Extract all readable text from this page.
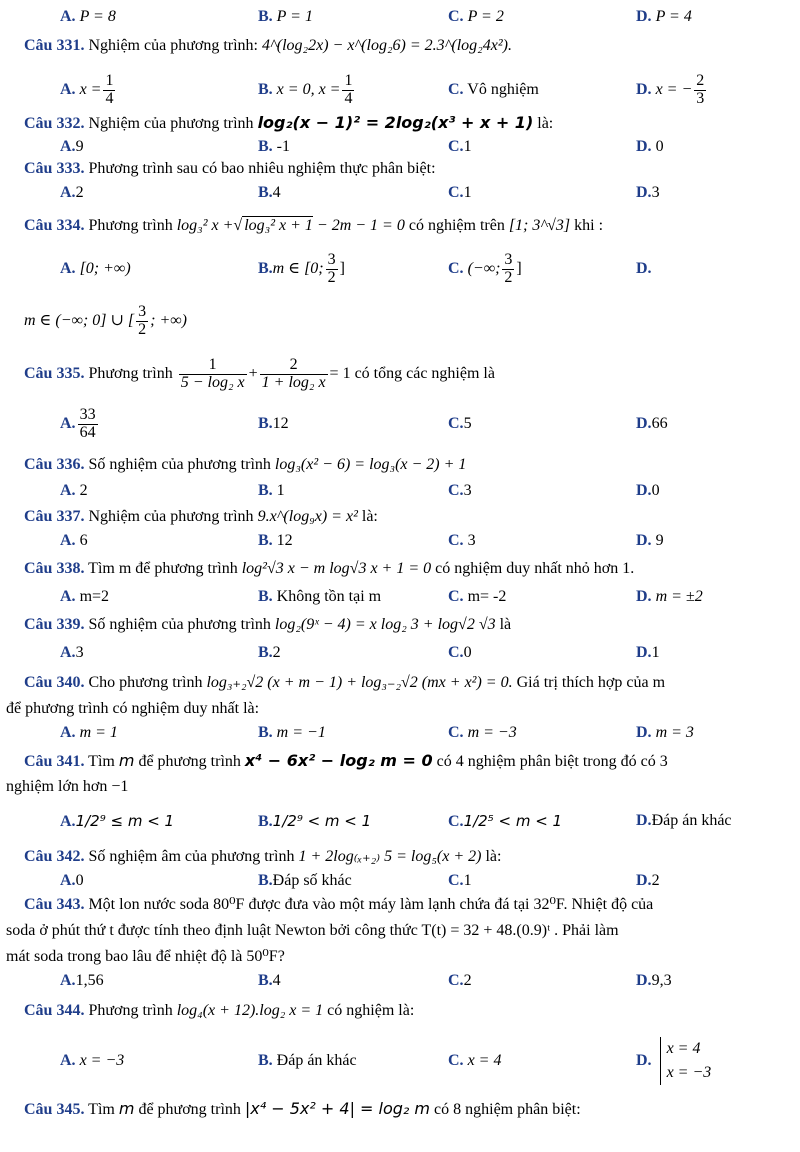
A. P = 8	B. P = 1	C. P = 2	D. P = 4
Câu 331. Nghiệm của phương trình: 4^(log₂2x) − x^(log₂6) = 2.3^(log₂4x²).
A. $x = \frac{1}{4}$	B. x = 0, $x = \frac{1}{4}$	C. Vô nghiệm	D. x = − $\frac{2}{3}$
Câu 332. Nghiệm của phương trình log₂(x − 1)² = 2log₂(x³ + x + 1) là:
A.9	B. -1	C.1	D. 0
Câu 333. Phương trình sau có bao nhiêu nghiệm thực phân biệt:
A.2	B.4	C.1	D.3
Câu 334. Phương trình log₃² x +√ log₃² x + 1 − 2m − 1 = 0 có nghiệm trên [1; 3^√3] khi :
A. [0; +∞)	B.m ∈ [0; $\frac{3}{2}$ ]	C. (−∞; $\frac{3}{2}$ ]	D.
m ∈ (−∞; 0] ∪ [ $\frac{3}{2}$ ; +∞)
Câu 335. Phương trình $\frac{1}{\text{5 − log₂ x}} + \frac{2}{\text{1 + log₂ x}} = 1$ có tổng các nghiệm là
A. $\frac{33}{64}$	B.12	C.5	D.66
Câu 336. Số nghiệm của phương trình log₃(x² − 6) = log₃(x − 2) + 1
A. 2	B. 1	C.3	D.0
Câu 337. Nghiệm của phương trình 9.x^(log₉x) = x² là:
A. 6	B. 12	C. 3	D. 9
Câu 338. Tìm m để phương trình log²√3 x − m log√3 x + 1 = 0 có nghiệm duy nhất nhỏ hơn 1.
A. m=2	B. Không tồn tại m	C. m= -2	D. m = ±2
Câu 339. Số nghiệm của phương trình log₂(9ˣ − 4) = x log₂ 3 + log√2 √3 là
A.3	B.2	C.0	D.1
Câu 340. Cho phương trình log₃₊₂√2 (x + m − 1) + log₃₋₂√2 (mx + x²) = 0. Giá trị thích hợp của m
để phương trình có nghiệm duy nhất là:
A. m = 1	B. m = −1	C. m = −3	D. m = 3
Câu 341. Tìm m để phương trình x⁴ − 6x² − log₂ m = 0 có 4 nghiệm phân biệt trong đó có 3
nghiệm lớn hơn −1
A.1/2⁹ ≤ m < 1	B.1/2⁹ < m < 1	C.1/2⁵ < m < 1	D.Đáp án khác
Câu 342. Số nghiệm âm của phương trình 1 + 2log₍ₓ₊₂₎ 5 = log₅(x + 2) là:
A.0	B.Đáp số khác	C.1	D.2
Câu 343. Một lon nước soda 80⁰F được đưa vào một máy làm lạnh chứa đá tại 32⁰F. Nhiệt độ của
soda ở phút thứ t được tính theo định luật Newton bởi công thức T(t) = 32 + 48.(0.9)ᵗ . Phải làm
mát soda trong bao lâu để nhiệt độ là 50⁰F?
A.1,56	B.4	C.2	D.9,3
Câu 344. Phương trình log₄(x + 12).log₂ x = 1 có nghiệm là:
A. x = −3	B. Đáp án khác	C. x = 4	D.
x = 4
x = −3
Câu 345. Tìm m để phương trình |x⁴ − 5x² + 4| = log₂ m có 8 nghiệm phân biệt:
